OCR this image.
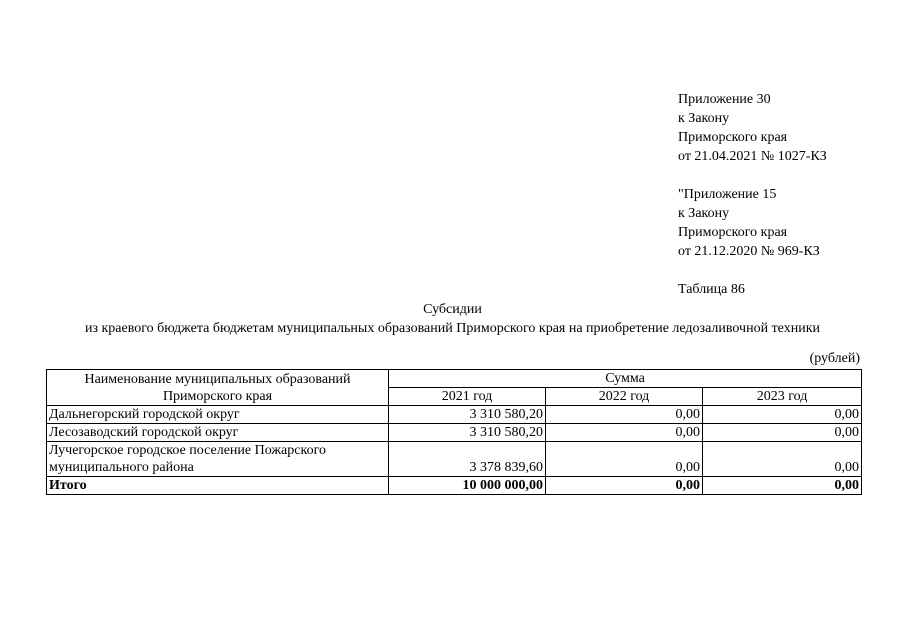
Приложение 30
к Закону
Приморского края
от 21.04.2021 № 1027-КЗ
"Приложение 15
к Закону
Приморского края
от 21.12.2020 № 969-КЗ
Таблица 86
Субсидии
из краевого бюджета бюджетам муниципальных образований Приморского края на приобретение ледозаливочной техники
(рублей)
Наименование муниципальных образований Приморского края	Сумма		
	2021 год	2022 год	2023 год
Дальнегорский городской округ	3 310 580,20	0,00	0,00
Лесозаводский городской округ	3 310 580,20	0,00	0,00
Лучегорское городское поселение Пожарского муниципального района	3 378 839,60	0,00	0,00
Итого	10 000 000,00	0,00	0,00
